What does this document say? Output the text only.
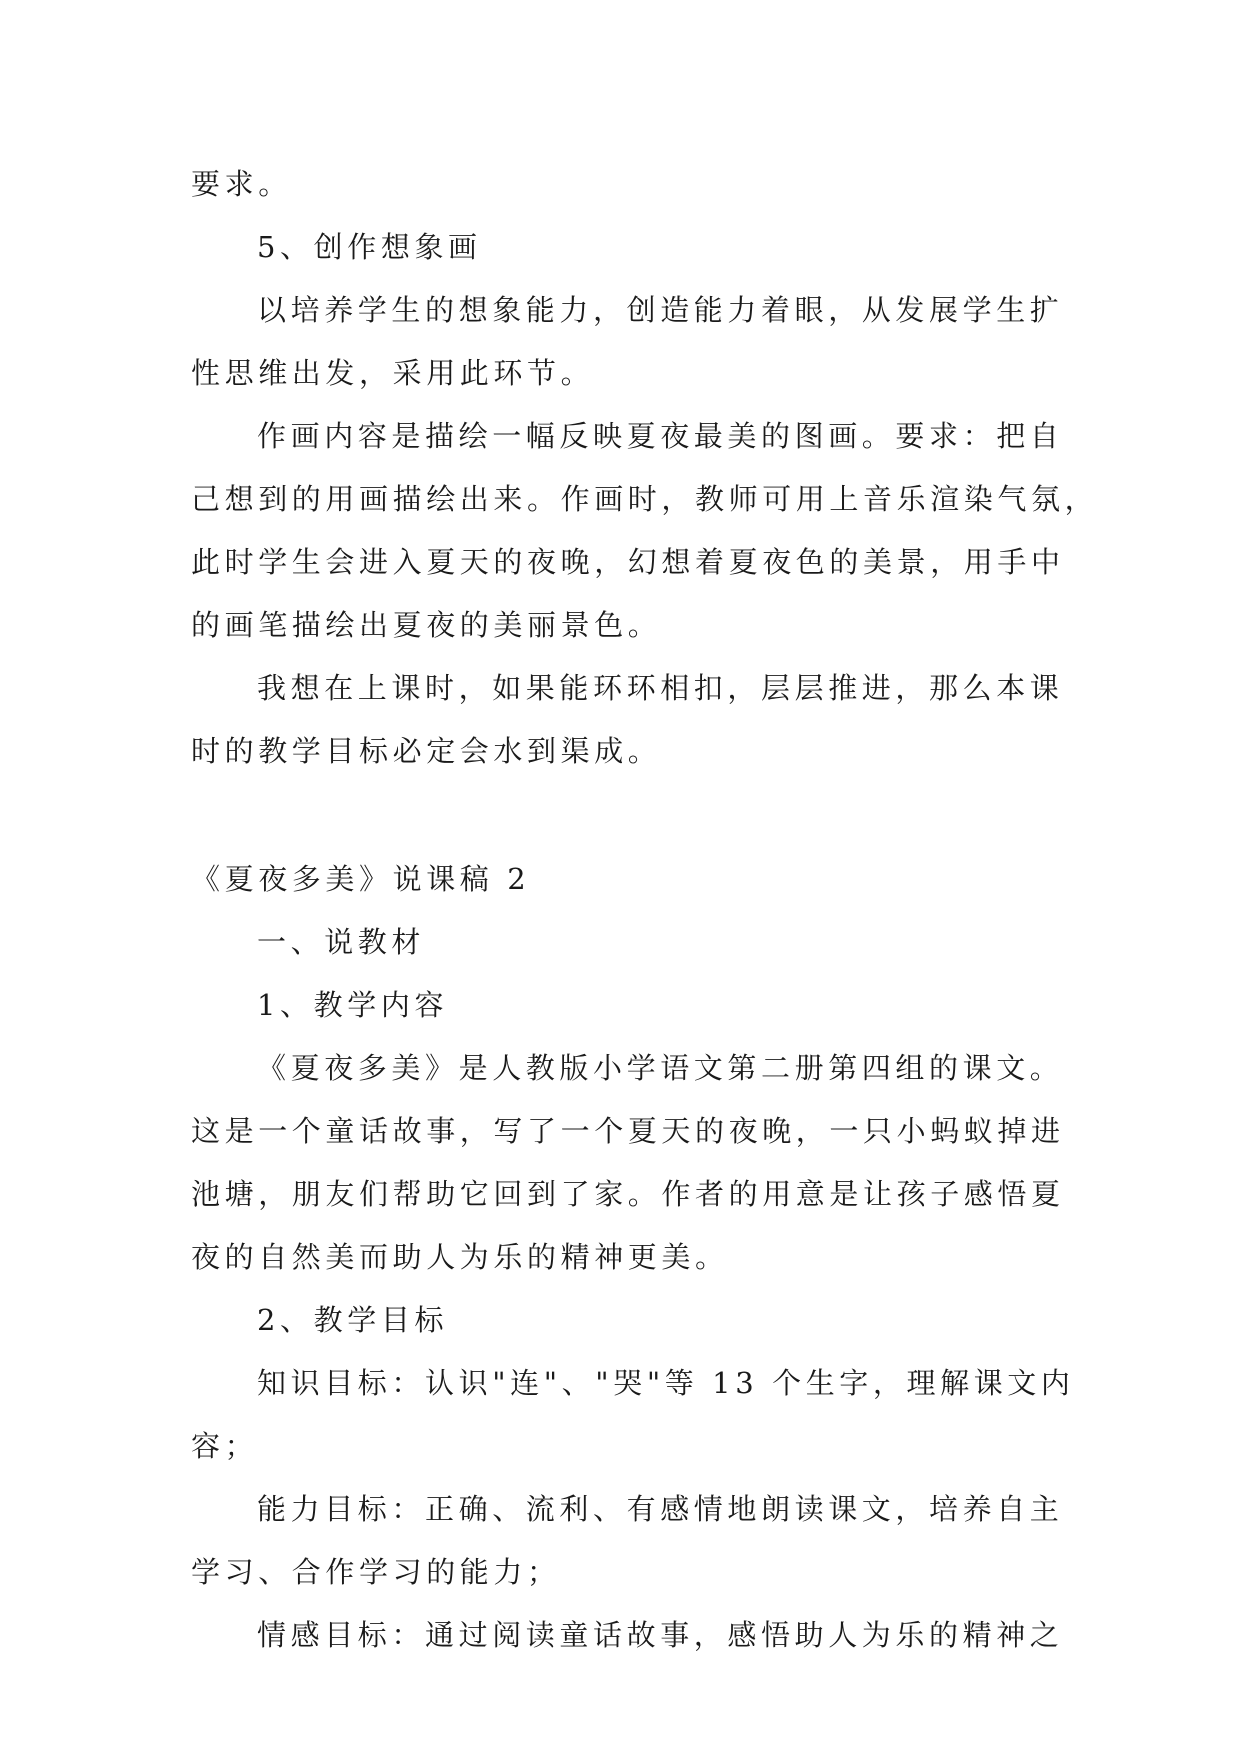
要求。
5、创作想象画
以培养学生的想象能力，创造能力着眼，从发展学生扩
性思维出发，采用此环节。
作画内容是描绘一幅反映夏夜最美的图画。要求：把自
己想到的用画描绘出来。作画时，教师可用上音乐渲染气氛，
此时学生会进入夏天的夜晚，幻想着夏夜色的美景，用手中
的画笔描绘出夏夜的美丽景色。
我想在上课时，如果能环环相扣，层层推进，那么本课
时的教学目标必定会水到渠成。
《夏夜多美》说课稿 2
一、说教材
1、教学内容
《夏夜多美》是人教版小学语文第二册第四组的课文。
这是一个童话故事，写了一个夏天的夜晚，一只小蚂蚁掉进
池塘，朋友们帮助它回到了家。作者的用意是让孩子感悟夏
夜的自然美而助人为乐的精神更美。
2、教学目标
知识目标：认识"连"、"哭"等 13 个生字，理解课文内
容；
能力目标：正确、流利、有感情地朗读课文，培养自主
学习、合作学习的能力；
情感目标：通过阅读童话故事，感悟助人为乐的精神之
